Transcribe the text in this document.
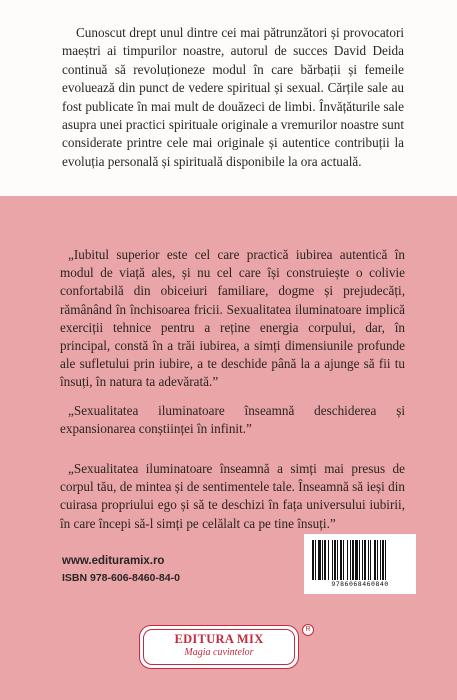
Cunoscut drept unul dintre cei mai pătrunzători și provocatori maeștri ai timpurilor noastre, autorul de succes David Deida continuă să revoluționeze modul în care bărbații și femeile evoluează din punct de vedere spiritual și sexual. Cărțile sale au fost publicate în mai mult de douăzeci de limbi. Învățăturile sale asupra unei practici spirituale originale a vremurilor noastre sunt considerate printre cele mai originale și autentice contribuții la evoluția personală și spirituală disponibile la ora actuală.

„Iubitul superior este cel care practică iubirea autentică în modul de viață ales, și nu cel care își construiește o colivie confortabilă din obiceiuri familiare, dogme și prejudecăți, rămânând în închisoarea fricii. Sexualitatea iluminatoare implică exerciții tehnice pentru a reține energia corpului, dar, în principal, constă în a trăi iubirea, a simți dimensiunile profunde ale sufletului prin iubire, a te deschide până la a ajunge să fii tu însuți, în natura ta adevărată.”

„Sexualitatea iluminatoare înseamnă deschiderea și expansionarea conștiinței în infinit.”

„Sexualitatea iluminatoare înseamnă a simți mai presus de corpul tău, de mintea și de sentimentele tale. Înseamnă să ieși din cuirasa propriului ego și să te deschizi în fața universului iubirii, în care începi să-l simți pe celălalt ca pe tine însuți.”

www.edituramix.ro
ISBN 978-606-8460-84-0	9786068460840
EDITURA MIX
Magia cuvintelor
R
